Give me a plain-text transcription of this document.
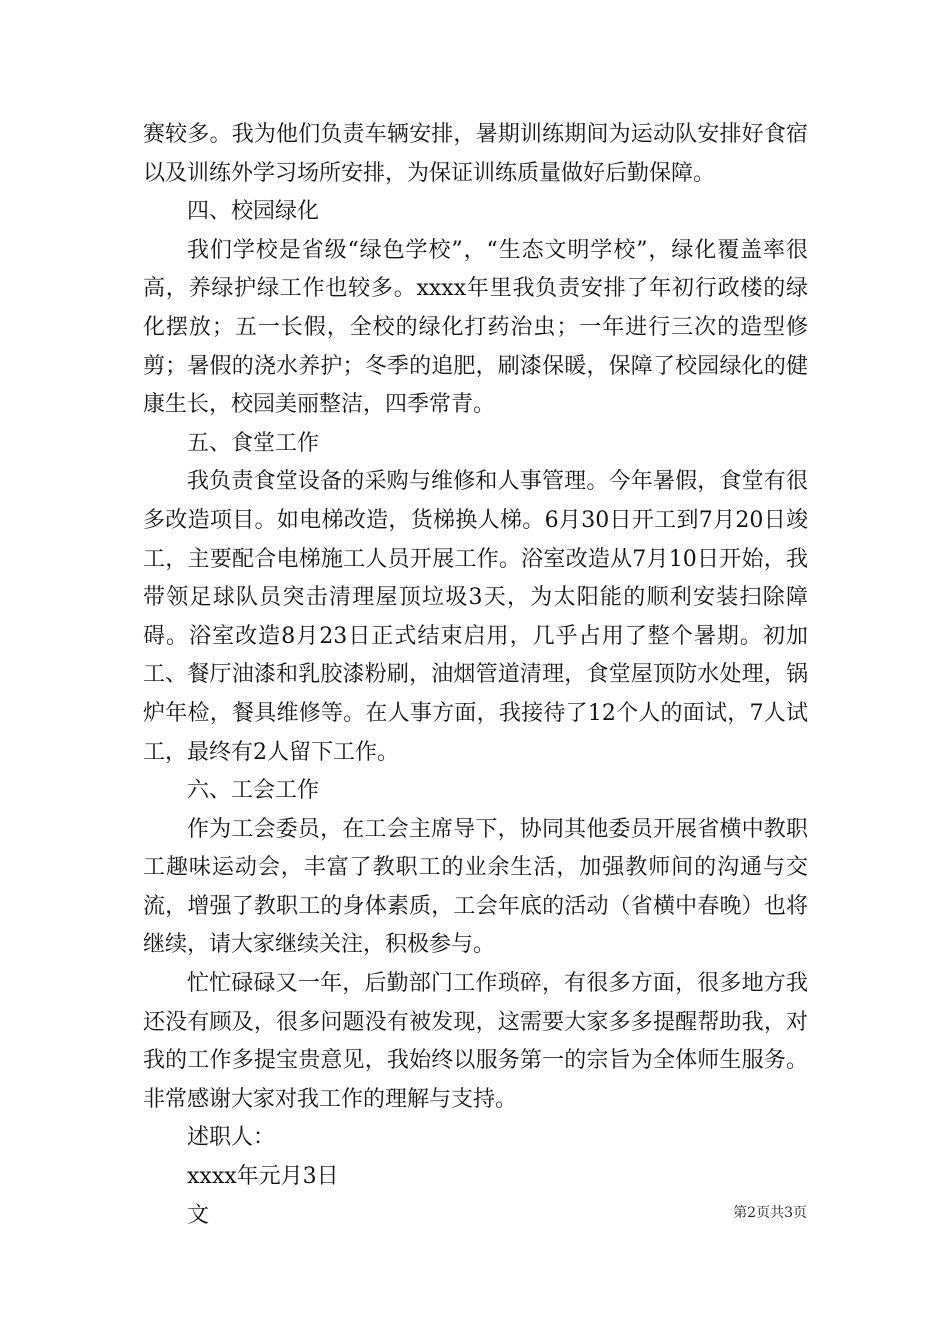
赛较多。我为他们负责车辆安排，暑期训练期间为运动队安排好食宿以及训练外学习场所安排，为保证训练质量做好后勤保障。

四、校园绿化

我们学校是省级“绿色学校”，“生态文明学校”，绿化覆盖率很高，养绿护绿工作也较多。xxxx年里我负责安排了年初行政楼的绿化摆放；五一长假，全校的绿化打药治虫；一年进行三次的造型修剪；暑假的浇水养护；冬季的追肥，刷漆保暖，保障了校园绿化的健康生长，校园美丽整洁，四季常青。

五、食堂工作

我负责食堂设备的采购与维修和人事管理。今年暑假，食堂有很多改造项目。如电梯改造，货梯换人梯。6月30日开工到7月20日竣工，主要配合电梯施工人员开展工作。浴室改造从7月10日开始，我带领足球队员突击清理屋顶垃圾3天，为太阳能的顺利安装扫除障碍。浴室改造8月23日正式结束启用，几乎占用了整个暑期。初加工、餐厅油漆和乳胶漆粉刷，油烟管道清理，食堂屋顶防水处理，锅炉年检，餐具维修等。在人事方面，我接待了12个人的面试，7人试工，最终有2人留下工作。

六、工会工作

作为工会委员，在工会主席导下，协同其他委员开展省横中教职工趣味运动会，丰富了教职工的业余生活，加强教师间的沟通与交流，增强了教职工的身体素质，工会年底的活动（省横中春晚）也将继续，请大家继续关注，积极参与。

忙忙碌碌又一年，后勤部门工作琐碎，有很多方面，很多地方我还没有顾及，很多问题没有被发现，这需要大家多多提醒帮助我，对我的工作多提宝贵意见，我始终以服务第一的宗旨为全体师生服务。非常感谢大家对我工作的理解与支持。

述职人：

xxxx年元月3日

文	第2页共3页
